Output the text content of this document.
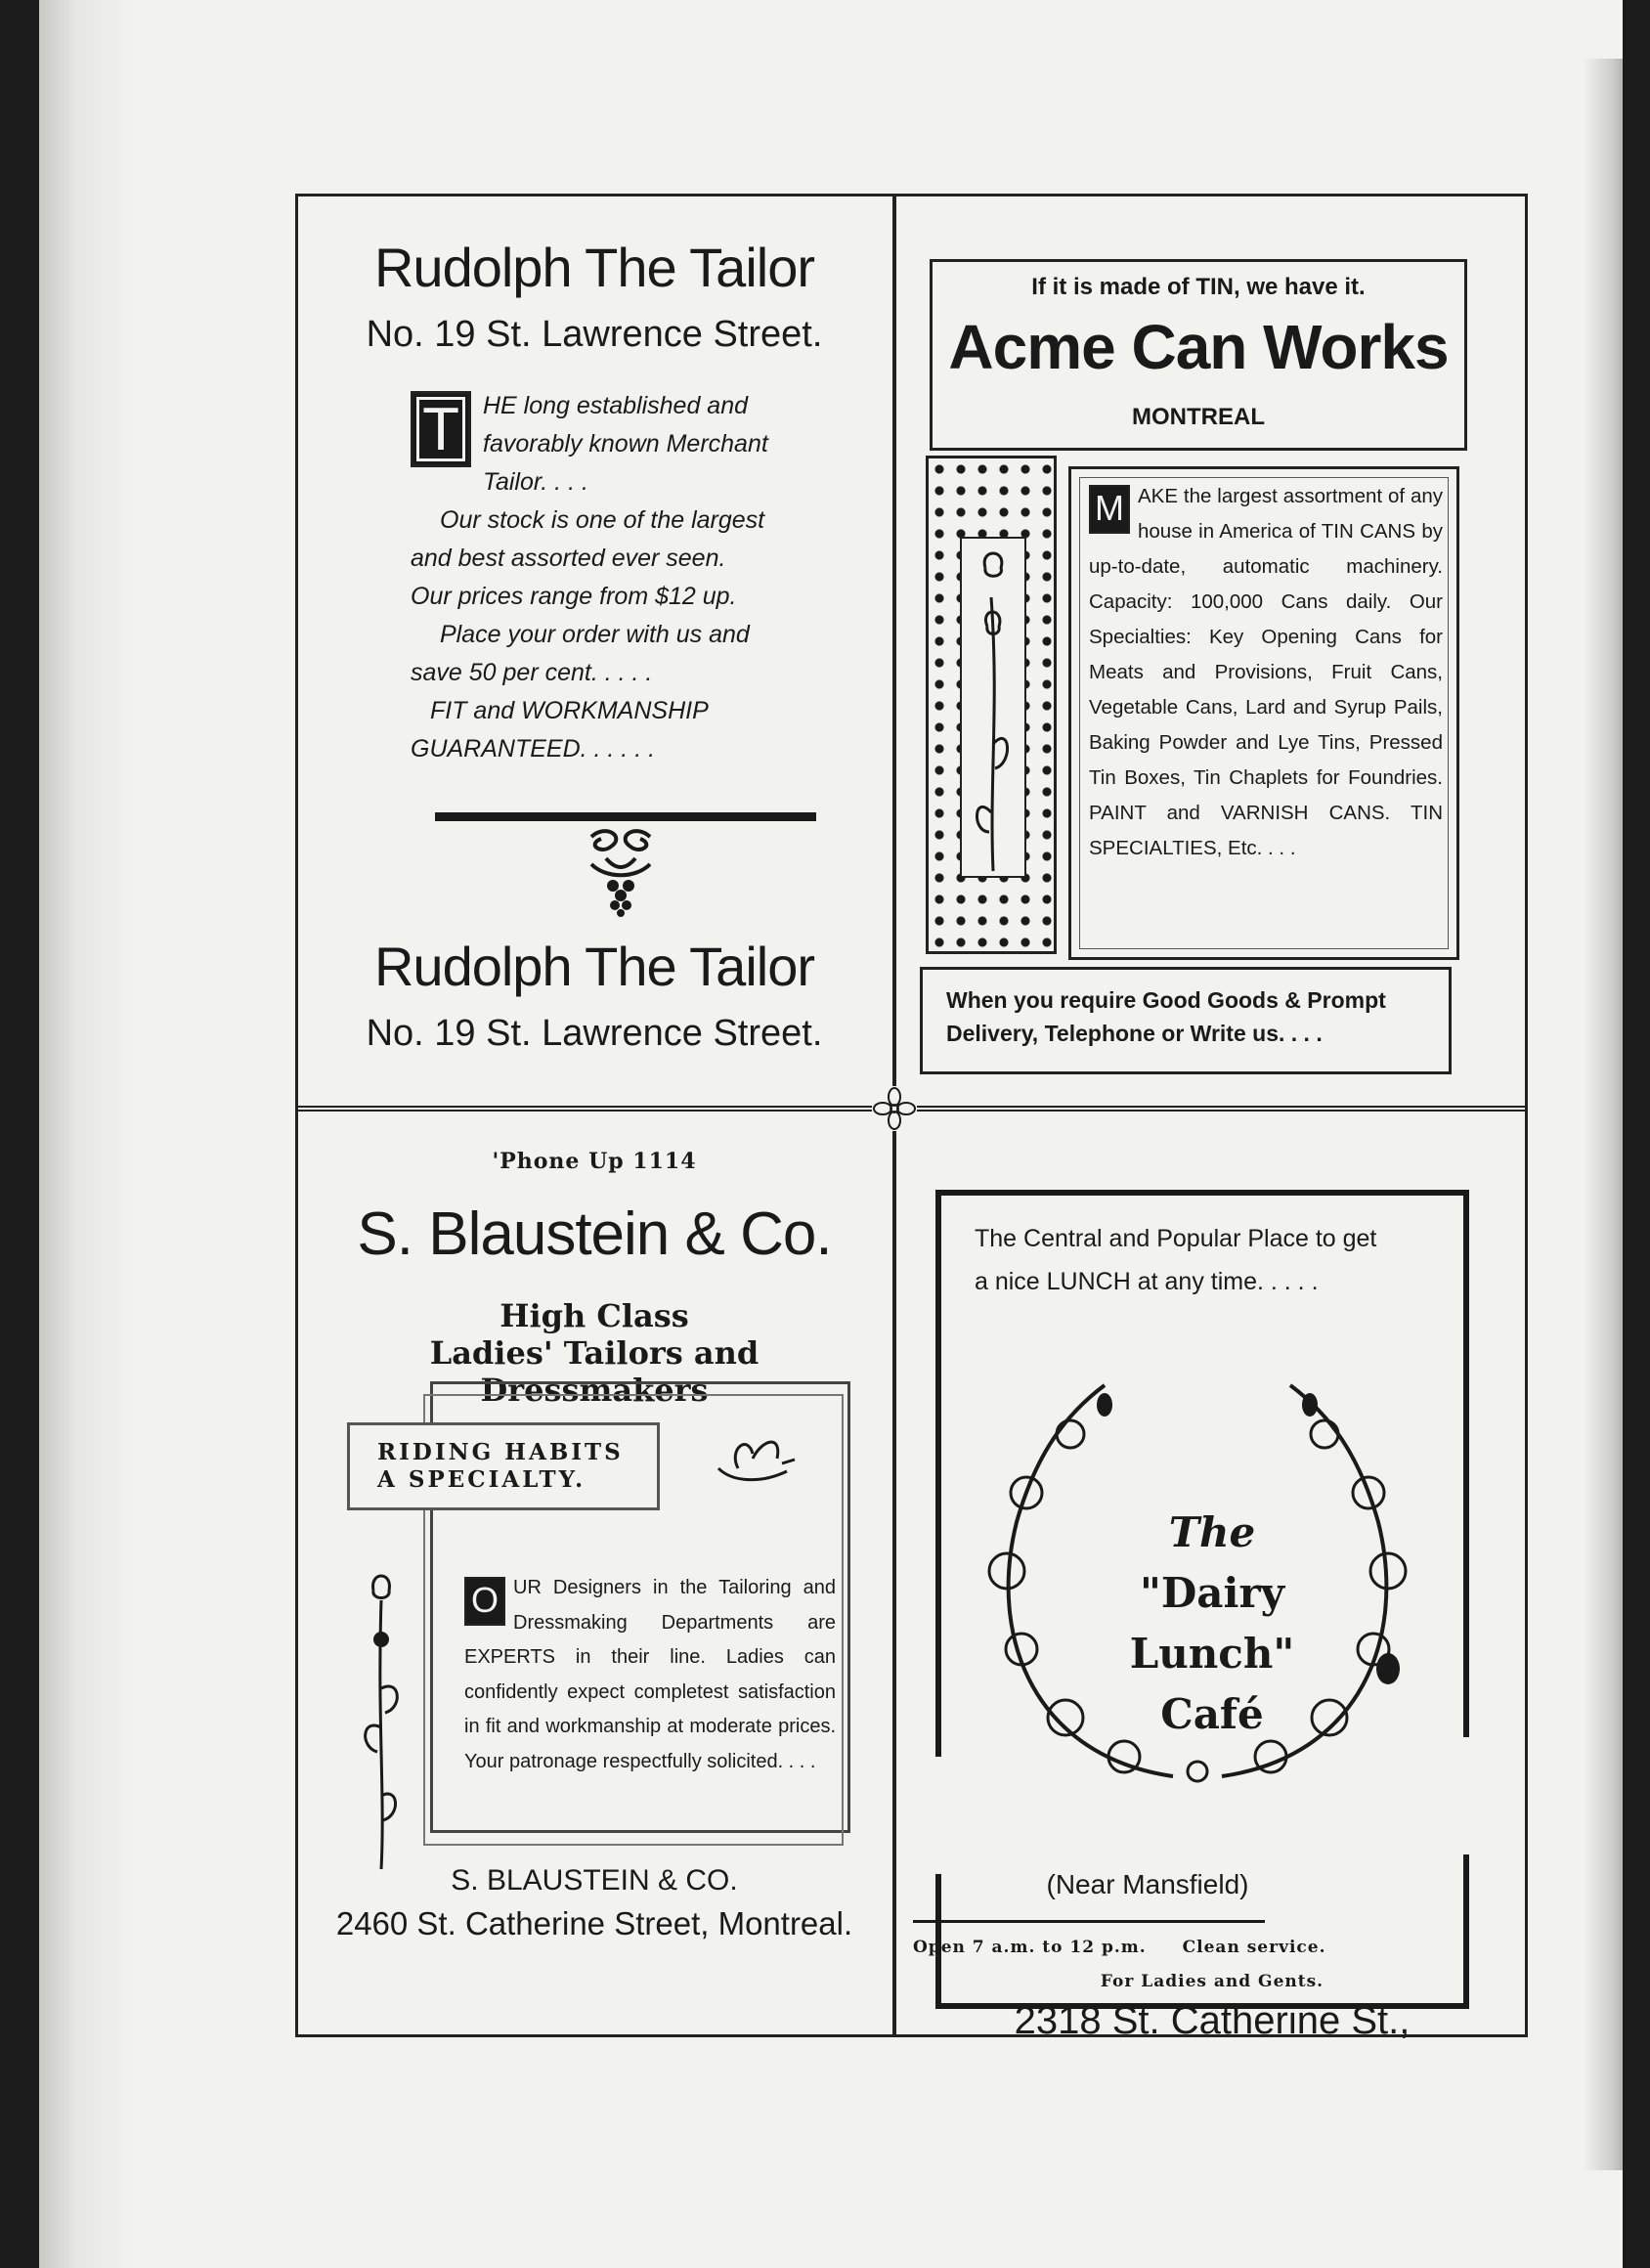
Rudolph The Tailor
No. 19 St. Lawrence Street.
T HE long established and favorably known Merchant Tailor. . . .
Our stock is one of the largest
and best assorted ever seen.
Our prices range from $12 up.
Place your order with us and
save 50 per cent. . . . .
FIT and WORKMANSHIP
GUARANTEED. . . . . .
Rudolph The Tailor
No. 19 St. Lawrence Street.
If it is made of TIN, we have it.
Acme Can Works
MONTREAL
M AKE the largest assortment of any house in America of TIN CANS by up-to-date, automatic machinery. Capacity: 100,000 Cans daily. Our Specialties: Key Opening Cans for Meats and Provisions, Fruit Cans, Vegetable Cans, Lard and Syrup Pails, Baking Powder and Lye Tins, Pressed Tin Boxes, Tin Chaplets for Foundries. PAINT and VARNISH CANS. TIN SPECIALTIES, Etc. . . .
When you require Good Goods & Prompt Delivery, Telephone or Write us. . . .
'Phone Up 1114
S. Blaustein & Co.
High Class
Ladies' Tailors and
Dressmakers
RIDING HABITS
A SPECIALTY.
O UR Designers in the Tailoring and Dressmaking Departments are EXPERTS in their line. Ladies can confidently expect completest satisfaction in fit and workmanship at moderate prices. Your patronage respectfully solicited. . . .
S. BLAUSTEIN & CO.
2460 St. Catherine Street, Montreal.
The Central and Popular Place to get
a nice LUNCH at any time. . . . .
The
"Dairy
Lunch"
Café
For Ladies and Gents.
2318 St. Catherine St.,
(Near Mansfield)
Open 7 a.m. to 12 p.m. Clean service.
